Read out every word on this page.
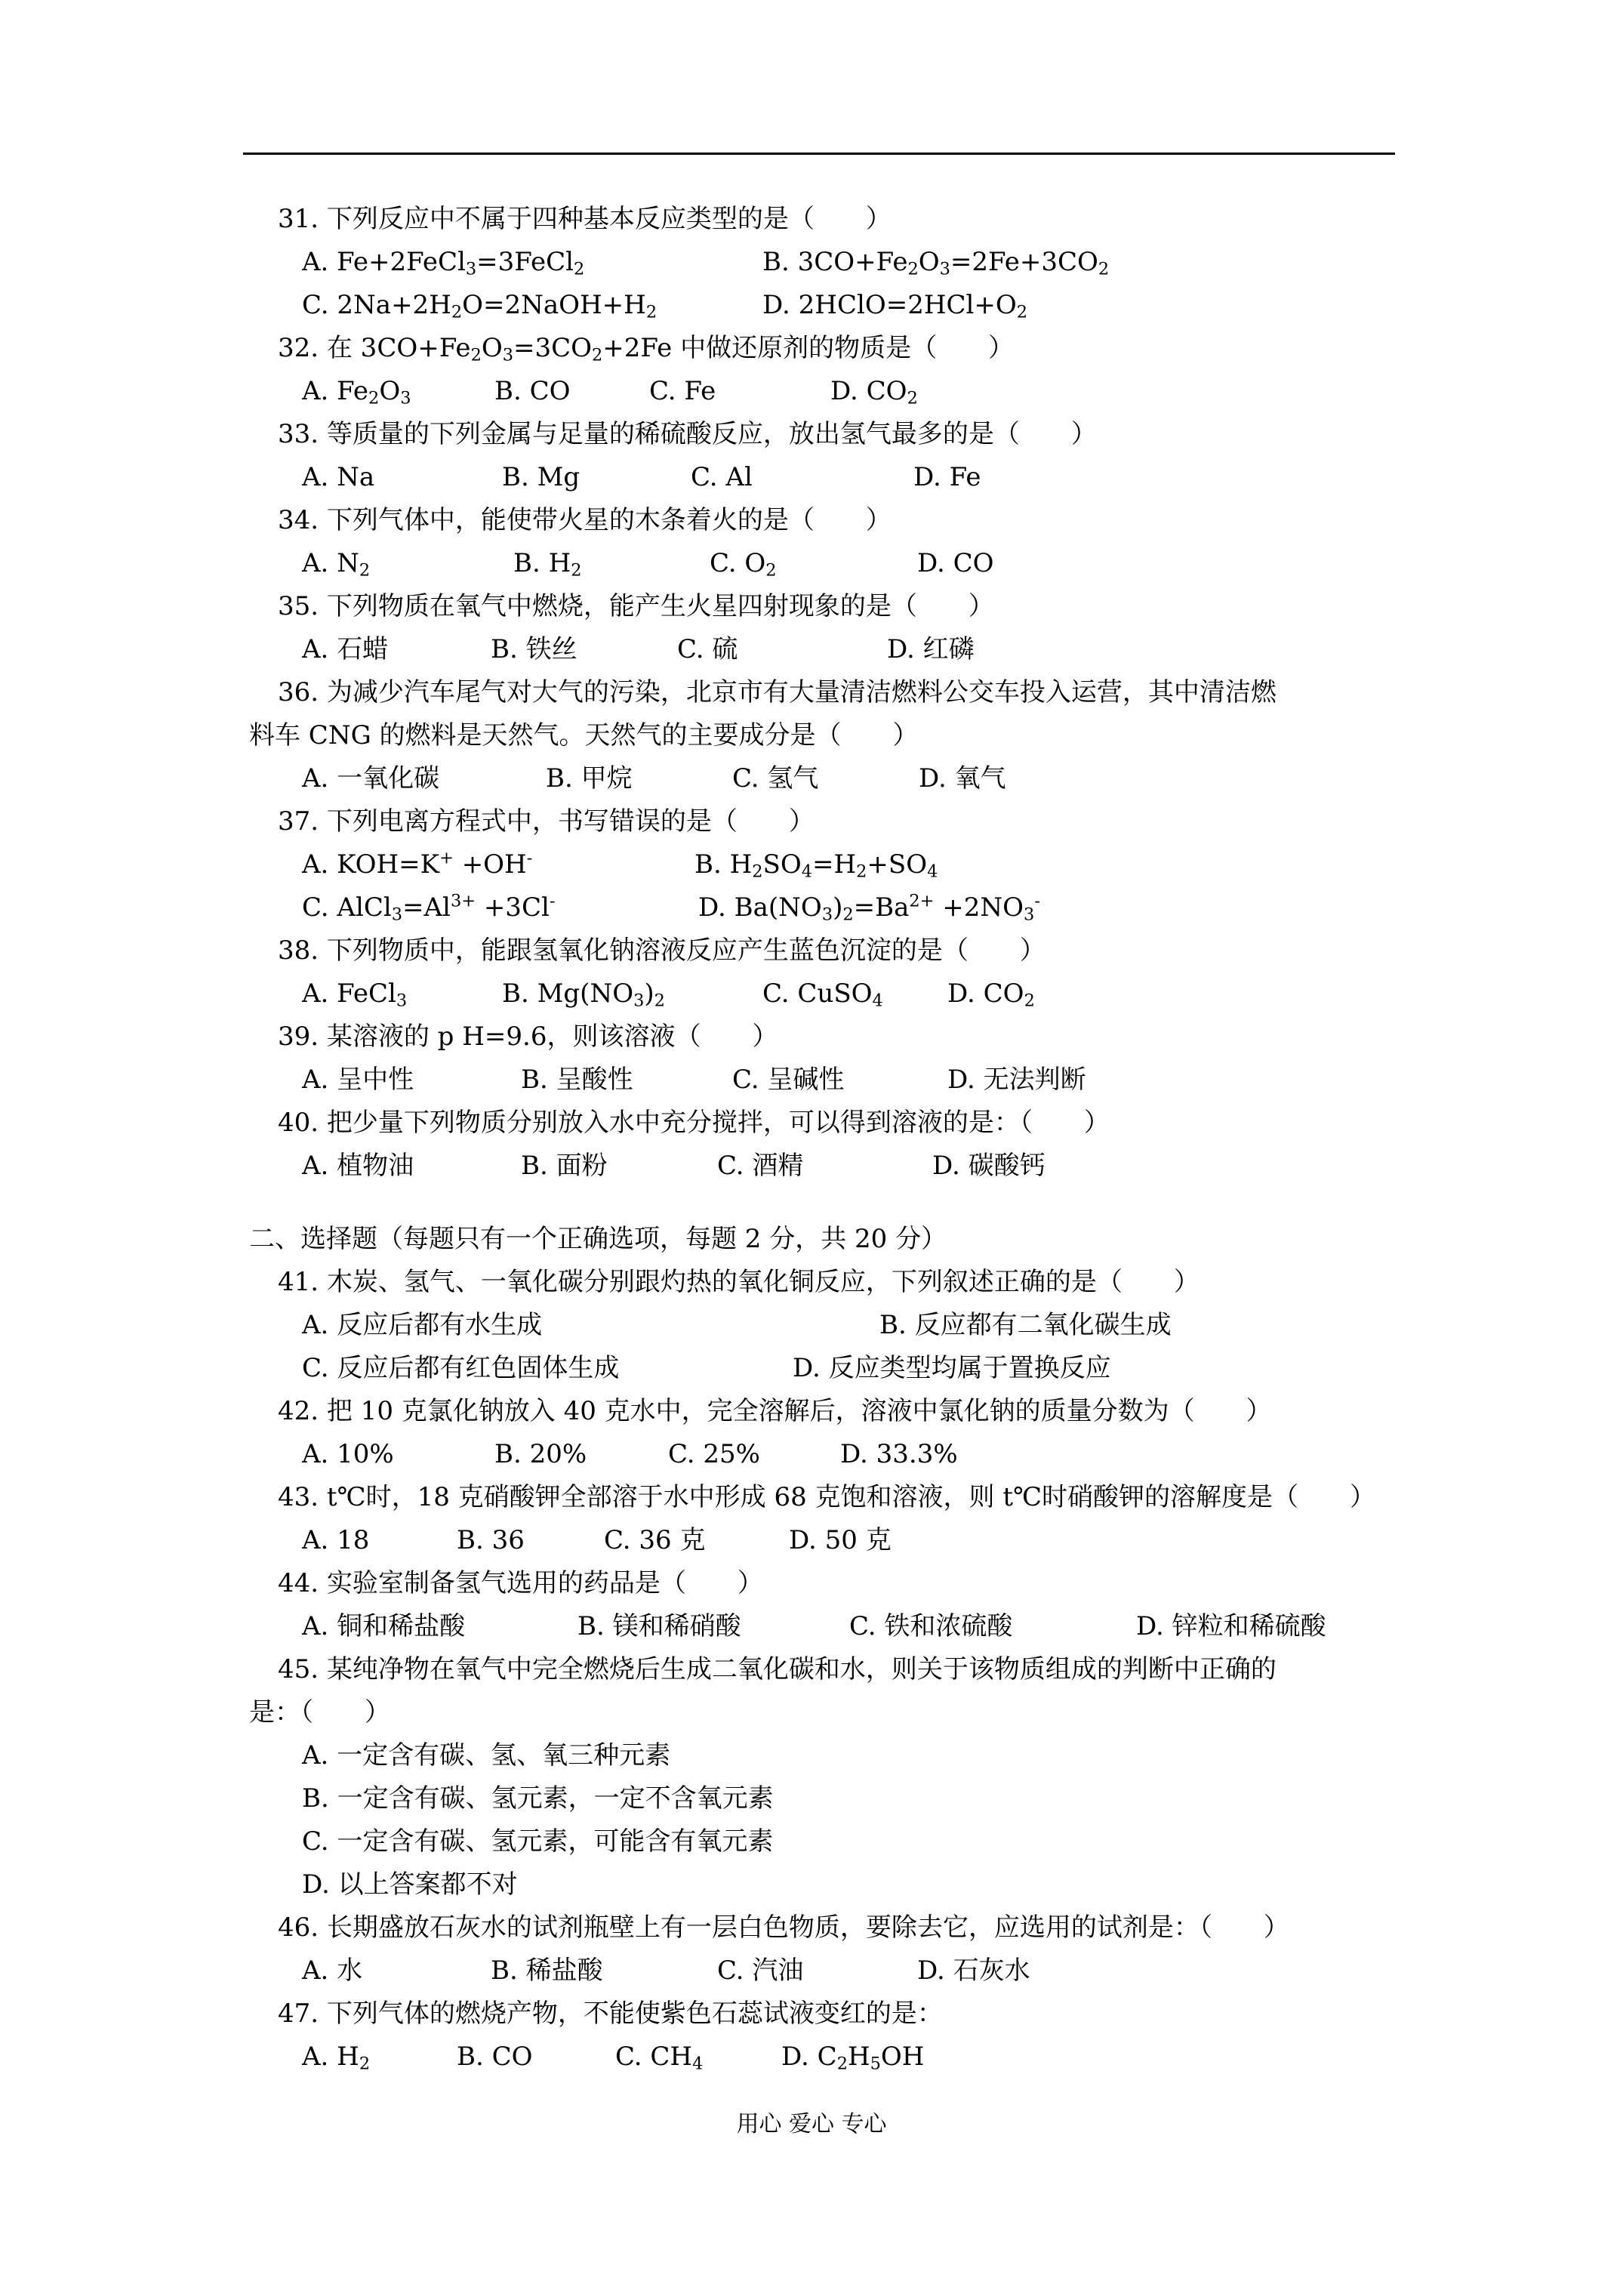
31. 下列反应中不属于四种基本反应类型的是（　　）
A. Fe+2FeCl$_3$=3FeCl$_2$	B. $3CO+Fe_2O_3=2Fe+3CO_2$
C. $2Na+2H_2O=2NaOH+H_2$	D. $2HClO=2HCl+O_2$
32. 在 $3CO+Fe_2O_3=3CO_2+2Fe$ 中做还原剂的物质是（　　）
A. $Fe_2O_3$	B. CO	C. Fe	D. $CO_2$
33. 等质量的下列金属与足量的稀硫酸反应，放出氢气最多的是（　　）
A. Na	B. Mg	C. Al	D. Fe
34. 下列气体中，能使带火星的木条着火的是（　　）
A. $N_2$	B. $H_2$	C. $O_2$	D. CO
35. 下列物质在氧气中燃烧，能产生火星四射现象的是（　　）
A. 石蜡	B. 铁丝	C. 硫	D. 红磷
36. 为减少汽车尾气对大气的污染，北京市有大量清洁燃料公交车投入运营，其中清洁燃
料车 CNG 的燃料是天然气。天然气的主要成分是（　　）
A. 一氧化碳	B. 甲烷	C. 氢气	D. 氧气
37. 下列电离方程式中，书写错误的是（　　）
A. KOH=K+ +OH-	B. $H_2SO_4=H_2+SO_4$
C. $AlCl_3=Al^{3+} +3Cl^-$	D. $Ba(NO_3)_2=Ba^{2+} +2NO_3^-$
38. 下列物质中，能跟氢氧化钠溶液反应产生蓝色沉淀的是（　　）
A. FeCl$_3$	B. $Mg(NO_3)_2$	C. CuSO$_4$	D. $CO_2$
39. 某溶液的 p H=9.6，则该溶液（　　）
A. 呈中性	B. 呈酸性	C. 呈碱性	D. 无法判断
40. 把少量下列物质分别放入水中充分搅拌，可以得到溶液的是：（　　）
A. 植物油	B. 面粉	C. 酒精	D. 碳酸钙
二、选择题（每题只有一个正确选项，每题 2 分，共 20 分）
41. 木炭、氢气、一氧化碳分别跟灼热的氧化铜反应，下列叙述正确的是（　　）
A. 反应后都有水生成	B. 反应都有二氧化碳生成
C. 反应后都有红色固体生成	D. 反应类型均属于置换反应
42. 把 10 克氯化钠放入 40 克水中，完全溶解后，溶液中氯化钠的质量分数为（　　）
A. 10%	B. 20%	C. 25%	D. 33.3%
43. t℃时，18 克硝酸钾全部溶于水中形成 68 克饱和溶液，则 t℃时硝酸钾的溶解度是（　　）
A. 18	B. 36	C. 36 克	D. 50 克
44. 实验室制备氢气选用的药品是（　　）
A. 铜和稀盐酸	B. 镁和稀硝酸	C. 铁和浓硫酸	D. 锌粒和稀硫酸
45. 某纯净物在氧气中完全燃烧后生成二氧化碳和水，则关于该物质组成的判断中正确的
是：（　　）
A. 一定含有碳、氢、氧三种元素
B. 一定含有碳、氢元素，一定不含氧元素
C. 一定含有碳、氢元素，可能含有氧元素
D. 以上答案都不对
46. 长期盛放石灰水的试剂瓶壁上有一层白色物质，要除去它，应选用的试剂是：（　　）
A. 水	B. 稀盐酸	C. 汽油	D. 石灰水
47. 下列气体的燃烧产物，不能使紫色石蕊试液变红的是：
A. $H_2$	B. CO	C. $CH_4$	D. $C_2H_5OH$
用心 爱心 专心
